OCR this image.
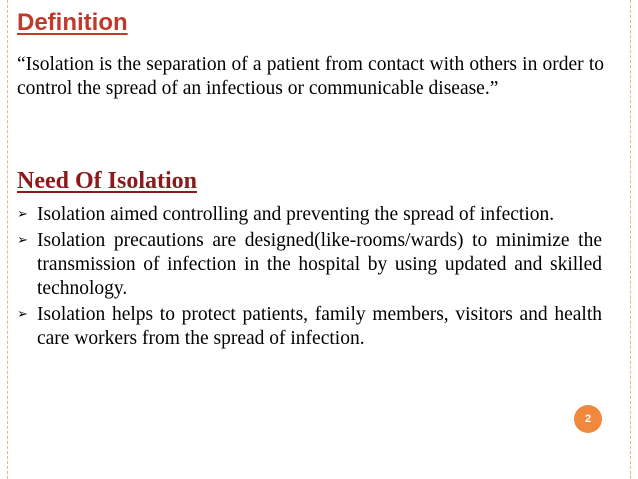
Definition

“Isolation is the separation of a patient from contact with others in order to control the spread of an infectious or communicable disease.”

Need Of Isolation
➢ Isolation aimed controlling and preventing the spread of infection.
➢ Isolation precautions are designed(like-rooms/wards) to minimize the transmission of infection in the hospital by using updated and skilled technology.
➢ Isolation helps to protect patients, family members, visitors and health care workers from the spread of infection.
2
